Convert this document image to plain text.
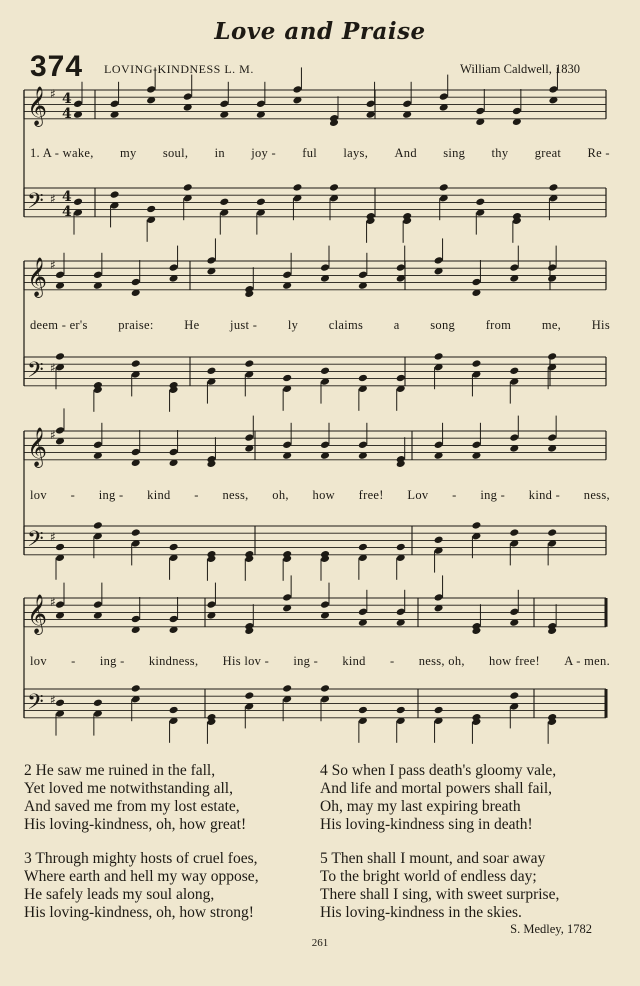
Love and Praise
374 LOVING-KINDNESS L. M.	William Caldwell, 1830
𝄞 ♯ 4
4
𝄢 ♯ 4
4
𝄞 ♯
𝄢 ♯
𝄞 ♯
𝄢 ♯
𝄞 ♯
𝄢 ♯
1. A - wake, my soul, in joy - ful lays, And sing thy great Re -
deem - er's praise: He just - ly claims a song from me, His
lov - ing - kind - ness, oh, how free! Lov - ing - kind - ness,
lov - ing - kindness, His lov - ing - kind - ness, oh, how free! A - men.
2 He saw me ruined in the fall,
Yet loved me notwithstanding all,
And saved me from my lost estate,
His loving-kindness, oh, how great!
4 So when I pass death's gloomy vale,
And life and mortal powers shall fail,
Oh, may my last expiring breath
His loving-kindness sing in death!
3 Through mighty hosts of cruel foes,
Where earth and hell my way oppose,
He safely leads my soul along,
His loving-kindness, oh, how strong!
5 Then shall I mount, and soar away
To the bright world of endless day;
There shall I sing, with sweet surprise,
His loving-kindness in the skies.
S. Medley, 1782
261
